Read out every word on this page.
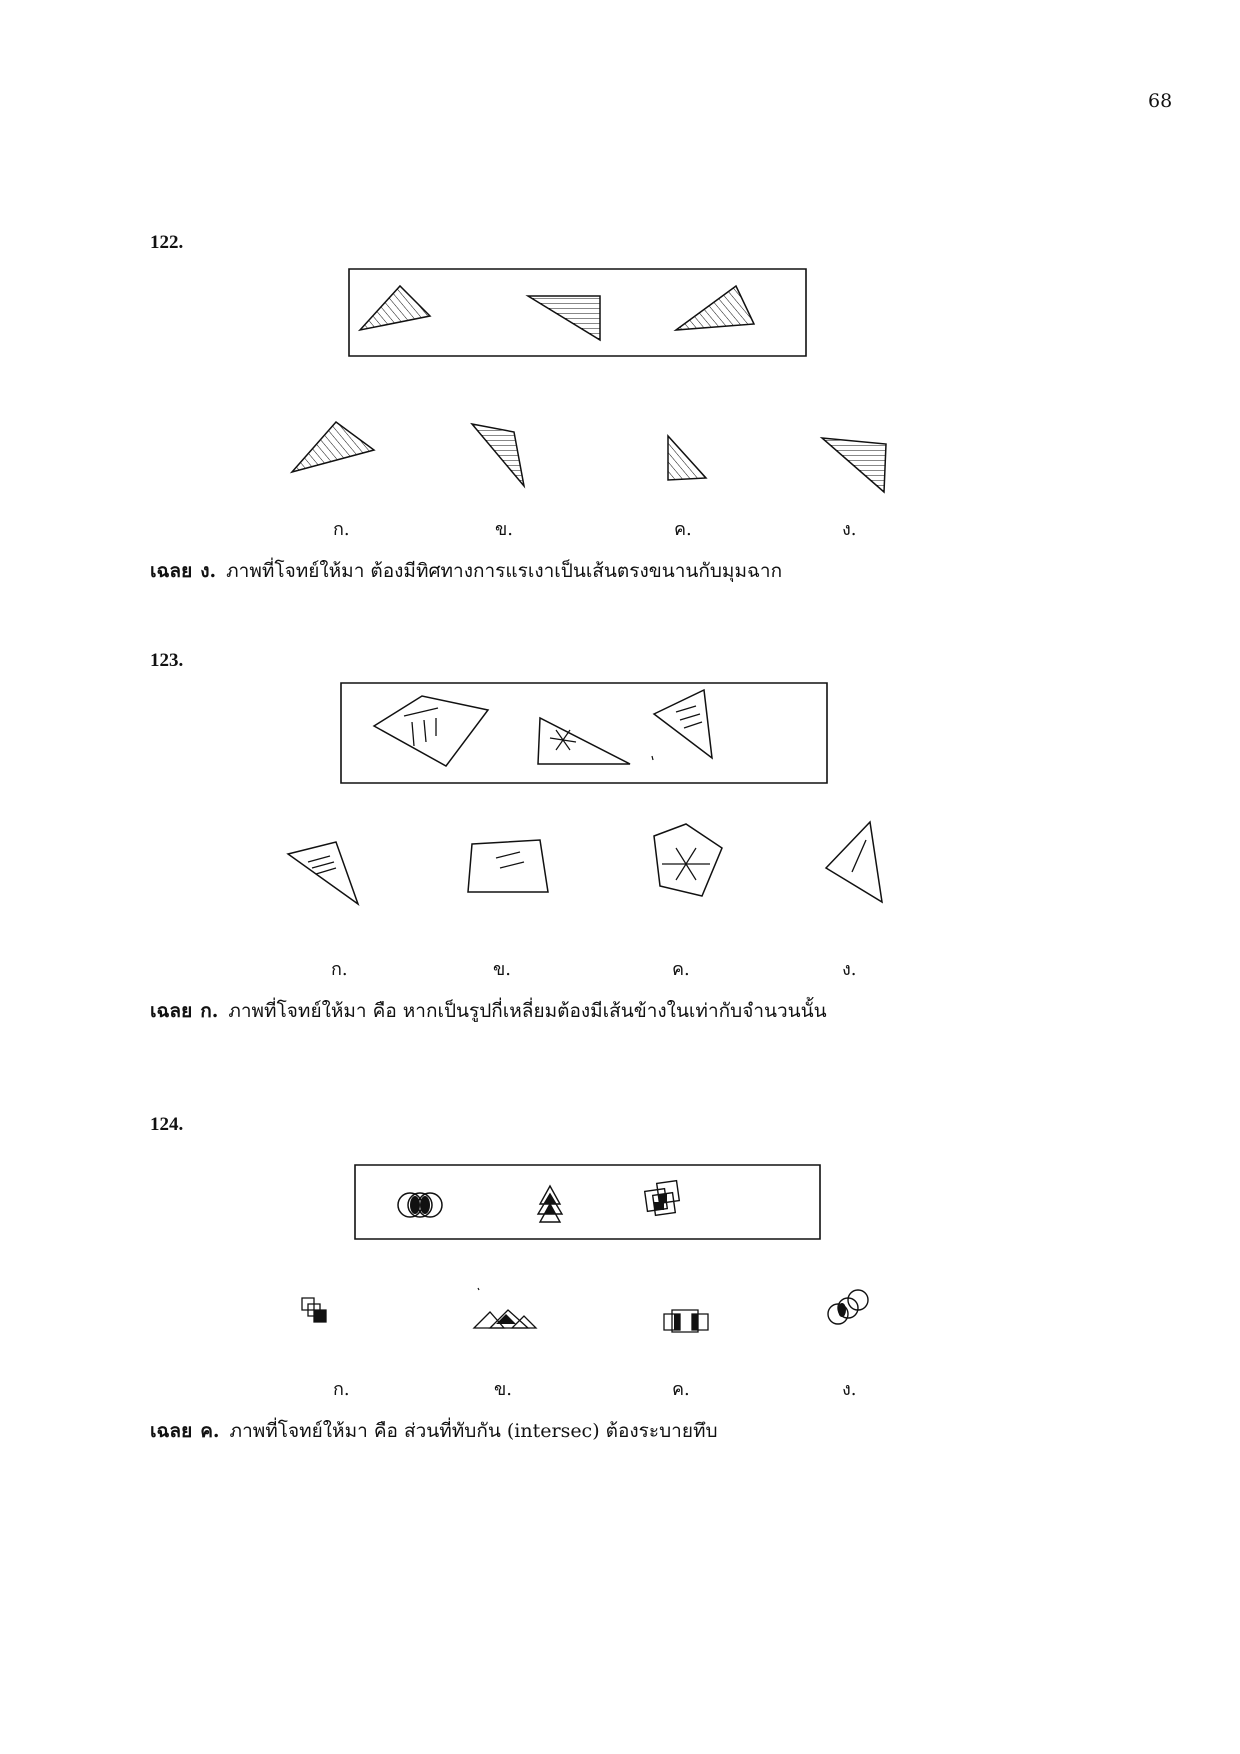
68
122.
ก.	ข.	ค.	ง.
เฉลย ง. ภาพที่โจทย์ให้มา ต้องมีทิศทางการแรเงาเป็นเส้นตรงขนานกับมุมฉาก
123.
ก.	ข.	ค.	ง.
เฉลย ก. ภาพที่โจทย์ให้มา คือ หากเป็นรูปกี่เหลี่ยมต้องมีเส้นข้างในเท่ากับจำนวนนั้น
124.
ก.	ข.	ค.	ง.
เฉลย ค. ภาพที่โจทย์ให้มา คือ ส่วนที่ทับกัน (intersec) ต้องระบายทึบ
